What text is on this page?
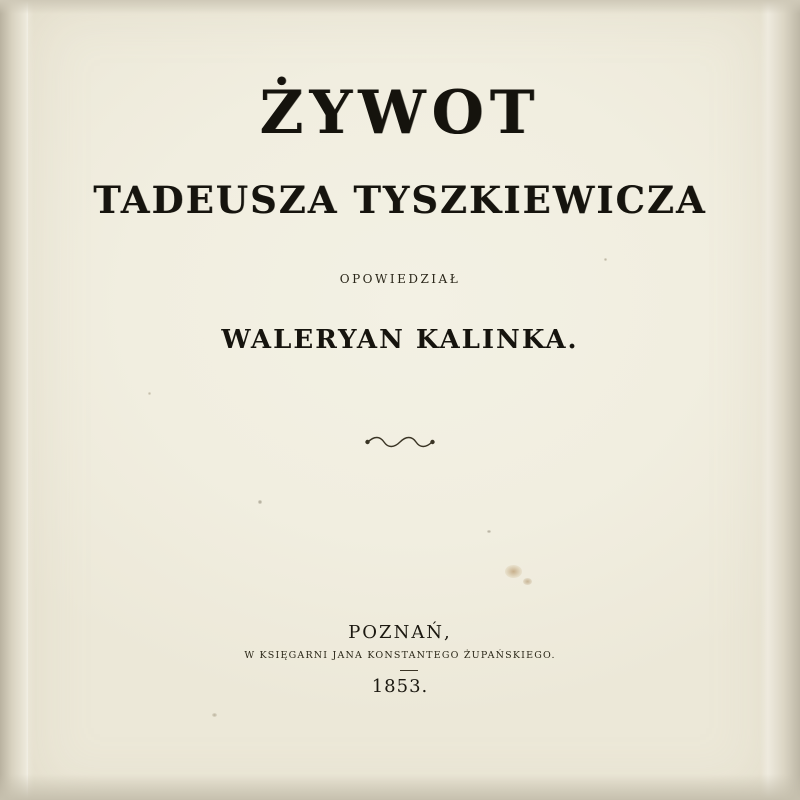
ŻYWOT
TADEUSZA TYSZKIEWICZA
OPOWIEDZIAŁ
WALERYAN KALINKA.
POZNAŃ,
W KSIĘGARNI JANA KONSTANTEGO ŻUPAŃSKIEGO.
1853.
